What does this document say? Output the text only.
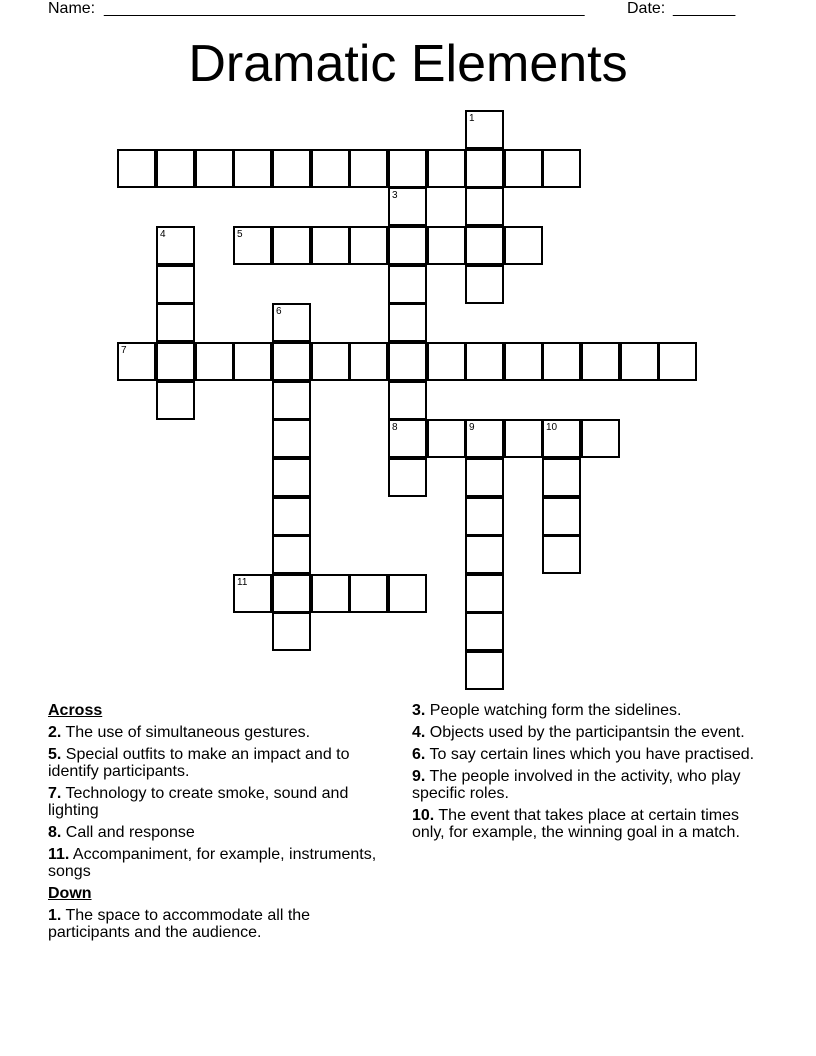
Name: ______________________________________________________	Date: _______
Dramatic Elements
5
7
8	9	10
11
1
3
4
6
Across
2. The use of simultaneous gestures.
5. Special outfits to make an impact and to identify participants.
7. Technology to create smoke, sound and lighting
8. Call and response
11. Accompaniment, for example, instruments, songs
Down
1. The space to accommodate all the participants and the audience.
3. People watching form the sidelines.
4. Objects used by the participantsin the event.
6. To say certain lines which you have practised.
9. The people involved in the activity, who play specific roles.
10. The event that takes place at certain times only, for example, the winning goal in a match.
